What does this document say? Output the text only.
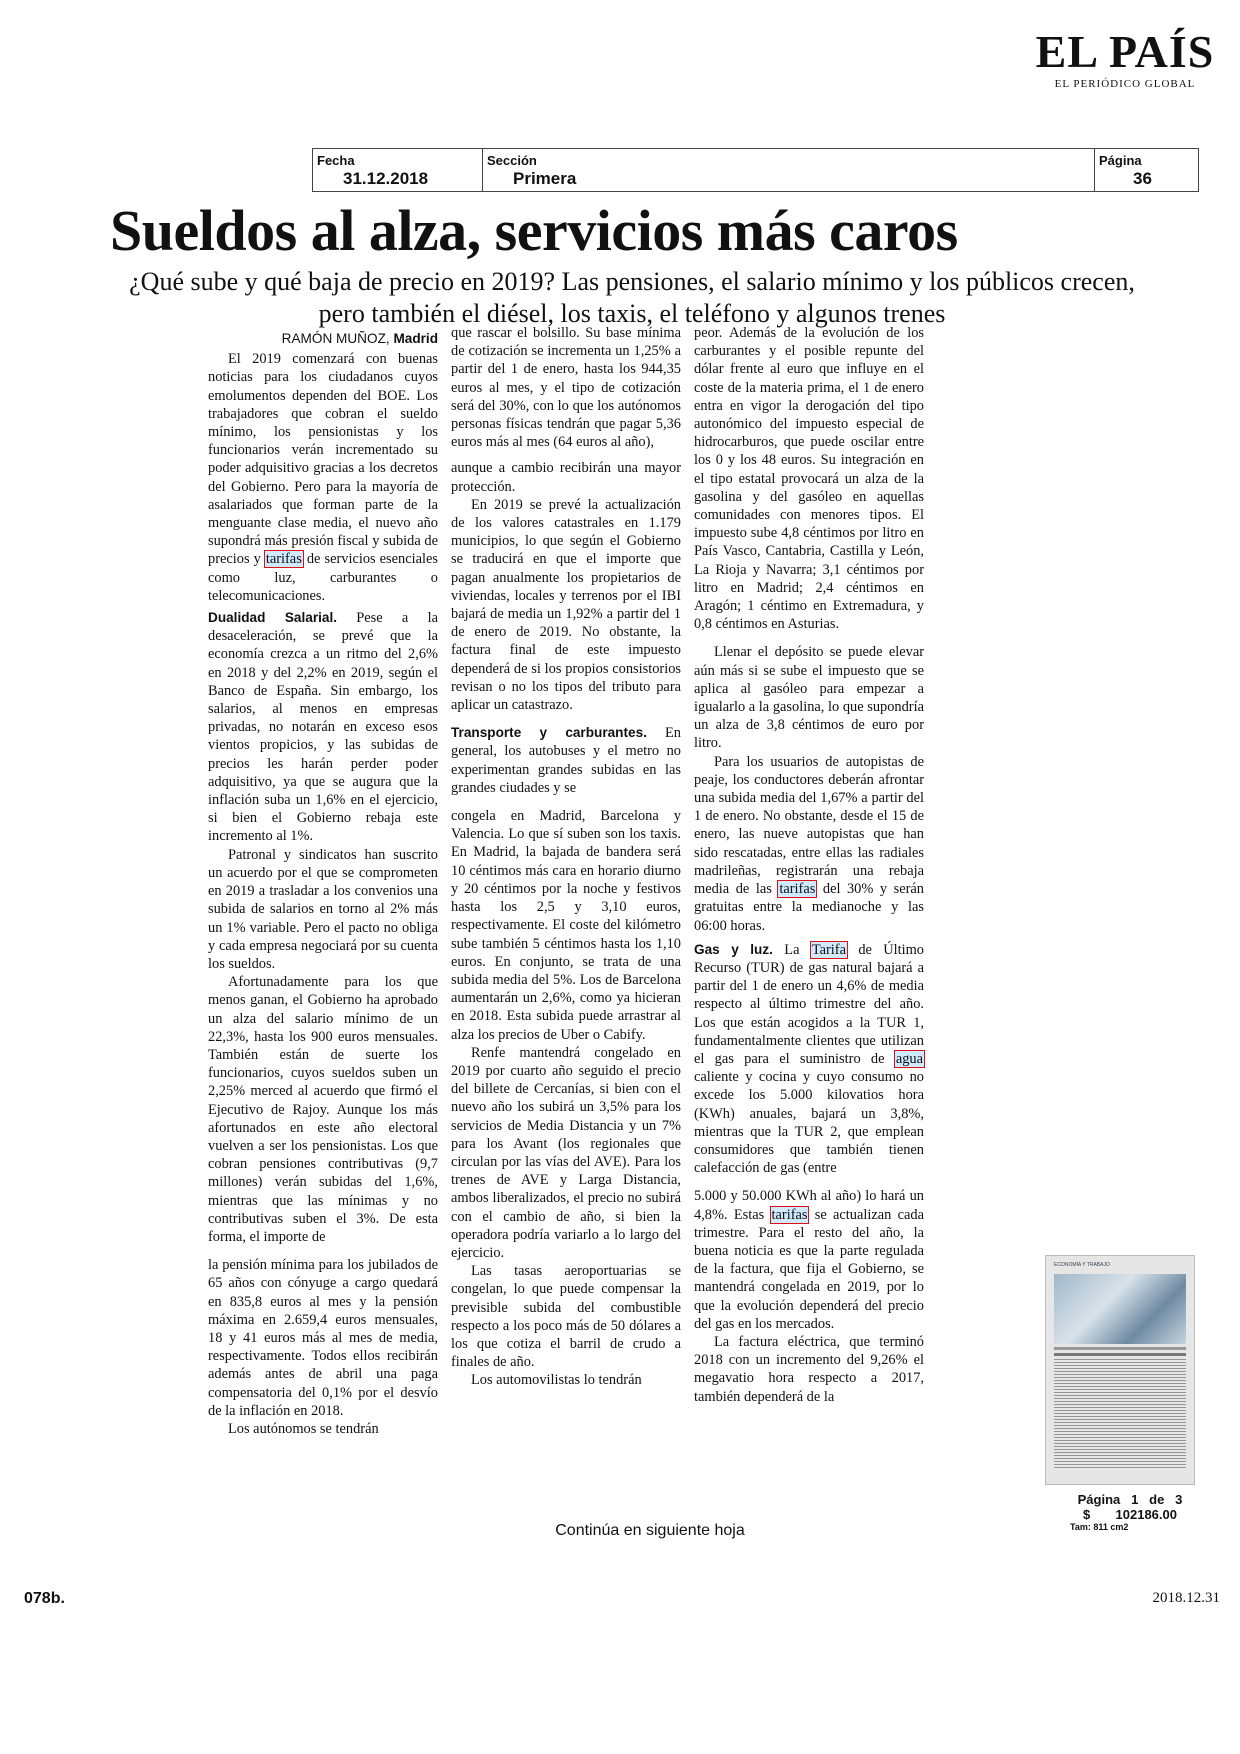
EL PAÍS
EL PERIÓDICO GLOBAL
Fecha
31.12.2018
Sección
Primera
Página
36
Sueldos al alza, servicios más caros
¿Qué sube y qué baja de precio en 2019? Las pensiones, el salario mínimo y los públicos crecen, pero también el diésel, los taxis, el teléfono y algunos trenes
RAMÓN MUÑOZ, Madrid

El 2019 comenzará con buenas noticias para los ciudadanos cuyos emolumentos dependen del BOE. Los trabajadores que cobran el sueldo mínimo, los pensionistas y los funcionarios verán incrementado su poder adquisitivo gracias a los decretos del Gobierno. Pero para la mayoría de asalariados que forman parte de la menguante clase media, el nuevo año supondrá más presión fiscal y subida de precios y tarifas de servicios esenciales como luz, carburantes o telecomunicaciones.

Dualidad Salarial. Pese a la desaceleración, se prevé que la economía crezca a un ritmo del 2,6% en 2018 y del 2,2% en 2019, según el Banco de España. Sin embargo, los salarios, al menos en empresas privadas, no notarán en exceso esos vientos propicios, y las subidas de precios les harán perder poder adquisitivo, ya que se augura que la inflación suba un 1,6% en el ejercicio, si bien el Gobierno rebaja este incremento al 1%.

Patronal y sindicatos han suscrito un acuerdo por el que se comprometen en 2019 a trasladar a los convenios una subida de salarios en torno al 2% más un 1% variable. Pero el pacto no obliga y cada empresa negociará por su cuenta los sueldos.

Afortunadamente para los que menos ganan, el Gobierno ha aprobado un alza del salario mínimo de un 22,3%, hasta los 900 euros mensuales. También están de suerte los funcionarios, cuyos sueldos suben un 2,25% merced al acuerdo que firmó el Ejecutivo de Rajoy. Aunque los más afortunados en este año electoral vuelven a ser los pensionistas. Los que cobran pensiones contributivas (9,7 millones) verán subidas del 1,6%, mientras que las mínimas y no contributivas suben el 3%. De esta forma, el importe de

la pensión mínima para los jubilados de 65 años con cónyuge a cargo quedará en 835,8 euros al mes y la pensión máxima en 2.659,4 euros mensuales, 18 y 41 euros más al mes de media, respectivamente. Todos ellos recibirán además antes de abril una paga compensatoria del 0,1% por el desvío de la inflación en 2018.

Los autónomos se tendrán

que rascar el bolsillo. Su base mínima de cotización se incrementa un 1,25% a partir del 1 de enero, hasta los 944,35 euros al mes, y el tipo de cotización será del 30%, con lo que los autónomos personas físicas tendrán que pagar 5,36 euros más al mes (64 euros al año),

aunque a cambio recibirán una mayor protección.

En 2019 se prevé la actualización de los valores catastrales en 1.179 municipios, lo que según el Gobierno se traducirá en que el importe que pagan anualmente los propietarios de viviendas, locales y terrenos por el IBI bajará de media un 1,92% a partir del 1 de enero de 2019. No obstante, la factura final de este impuesto dependerá de si los propios consistorios revisan o no los tipos del tributo para aplicar un catastrazo.

Transporte y carburantes. En general, los autobuses y el metro no experimentan grandes subidas en las grandes ciudades y se

congela en Madrid, Barcelona y Valencia. Lo que sí suben son los taxis. En Madrid, la bajada de bandera será 10 céntimos más cara en horario diurno y 20 céntimos por la noche y festivos hasta los 2,5 y 3,10 euros, respectivamente. El coste del kilómetro sube también 5 céntimos hasta los 1,10 euros. En conjunto, se trata de una subida media del 5%. Los de Barcelona aumentarán un 2,6%, como ya hicieran en 2018. Esta subida puede arrastrar al alza los precios de Uber o Cabify.

Renfe mantendrá congelado en 2019 por cuarto año seguido el precio del billete de Cercanías, si bien con el nuevo año los subirá un 3,5% para los servicios de Media Distancia y un 7% para los Avant (los regionales que circulan por las vías del AVE). Para los trenes de AVE y Larga Distancia, ambos liberalizados, el precio no subirá con el cambio de año, si bien la operadora podría variarlo a lo largo del ejercicio.

Las tasas aeroportuarias se congelan, lo que puede compensar la previsible subida del combustible respecto a los poco más de 50 dólares a los que cotiza el barril de crudo a finales de año.

Los automovilistas lo tendrán

peor. Además de la evolución de los carburantes y el posible repunte del dólar frente al euro que influye en el coste de la materia prima, el 1 de enero entra en vigor la derogación del tipo autonómico del impuesto especial de hidrocarburos, que puede oscilar entre los 0 y los 48 euros. Su integración en el tipo estatal provocará un alza de la gasolina y del gasóleo en aquellas comunidades con menores tipos. El impuesto sube 4,8 céntimos por litro en País Vasco, Cantabria, Castilla y León, La Rioja y Navarra; 3,1 céntimos por litro en Madrid; 2,4 céntimos en Aragón; 1 céntimo en Extremadura, y 0,8 céntimos en Asturias.

Llenar el depósito se puede elevar aún más si se sube el impuesto que se aplica al gasóleo para empezar a igualarlo a la gasolina, lo que supondría un alza de 3,8 céntimos de euro por litro.

Para los usuarios de autopistas de peaje, los conductores deberán afrontar una subida media del 1,67% a partir del 1 de enero. No obstante, desde el 15 de enero, las nueve autopistas que han sido rescatadas, entre ellas las radiales madrileñas, registrarán una rebaja media de las tarifas del 30% y serán gratuitas entre la medianoche y las 06:00 horas.

Gas y luz. La Tarifa de Último Recurso (TUR) de gas natural bajará a partir del 1 de enero un 4,6% de media respecto al último trimestre del año. Los que están acogidos a la TUR 1, fundamentalmente clientes que utilizan el gas para el suministro de agua caliente y cocina y cuyo consumo no excede los 5.000 kilovatios hora (KWh) anuales, bajará un 3,8%, mientras que la TUR 2, que emplean consumidores que también tienen calefacción de gas (entre

5.000 y 50.000 KWh al año) lo hará un 4,8%. Estas tarifas se actualizan cada trimestre. Para el resto del año, la buena noticia es que la parte regulada de la factura, que fija el Gobierno, se mantendrá congelada en 2019, por lo que la evolución dependerá del precio del gas en los mercados.

La factura eléctrica, que terminó 2018 con un incremento del 9,26% el megavatio hora respecto a 2017, también dependerá de la

ECONOMÍA Y TRABAJO
Página   1   de   3
$       102186.00
Tam: 811 cm2
Continúa en siguiente hoja
078b.	2018.12.31
